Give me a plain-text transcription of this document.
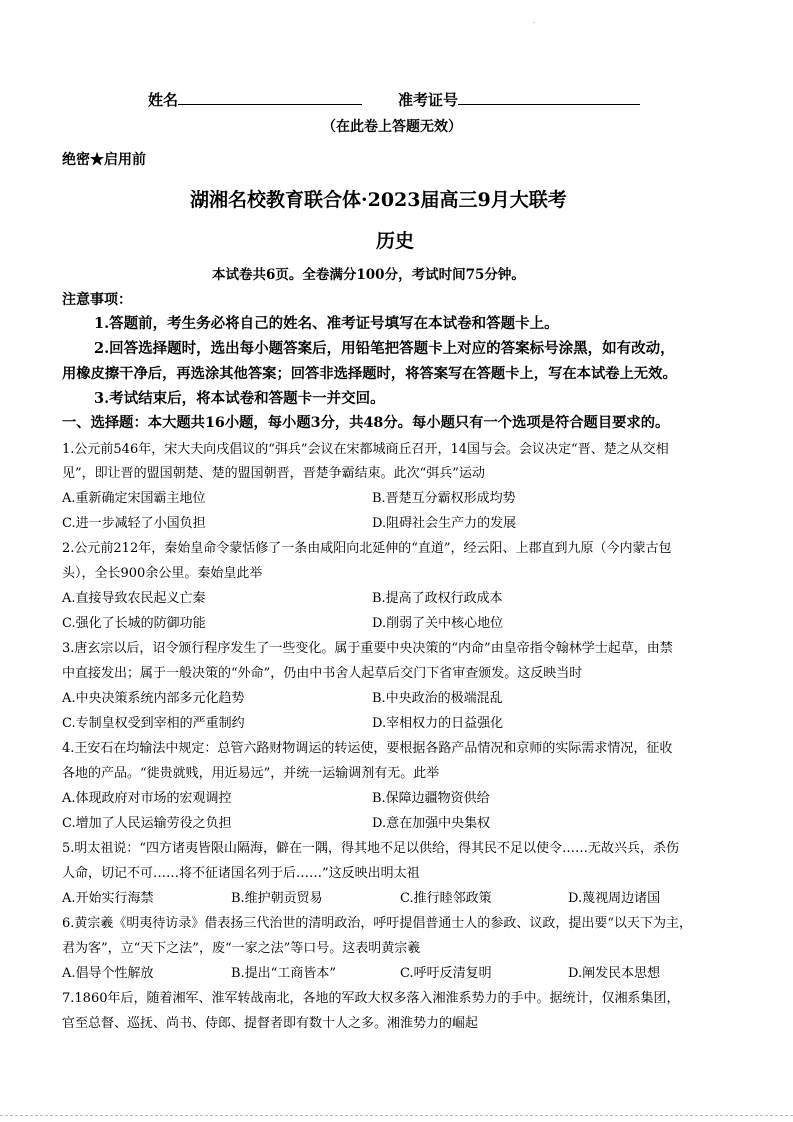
.
姓名	准考证号
（在此卷上答题无效）
绝密★启用前
湖湘名校教育联合体·2023届高三9月大联考
历史
本试卷共6页。全卷满分100分，考试时间75分钟。
注意事项：
1.答题前，考生务必将自己的姓名、准考证号填写在本试卷和答题卡上。
2.回答选择题时，选出每小题答案后，用铅笔把答题卡上对应的答案标号涂黑，如有改动，
用橡皮擦干净后，再选涂其他答案；回答非选择题时，将答案写在答题卡上，写在本试卷上无效。
3.考试结束后，将本试卷和答题卡一并交回。
一、选择题：本大题共16小题，每小题3分，共48分。每小题只有一个选项是符合题目要求的。
1.公元前546年，宋大夫向戌倡议的“弭兵”会议在宋都城商丘召开，14国与会。会议决定“晋、楚之从交相
见”，即让晋的盟国朝楚、楚的盟国朝晋，晋楚争霸结束。此次“弭兵”运动
A.重新确定宋国霸主地位	B.晋楚互分霸权形成均势
C.进一步减轻了小国负担	D.阻碍社会生产力的发展
2.公元前212年，秦始皇命令蒙恬修了一条由咸阳向北延伸的“直道”，经云阳、上郡直到九原（今内蒙古包
头），全长900余公里。秦始皇此举
A.直接导致农民起义亡秦	B.提高了政权行政成本
C.强化了长城的防御功能	D.削弱了关中核心地位
3.唐玄宗以后，诏令颁行程序发生了一些变化。属于重要中央决策的“内命”由皇帝指令翰林学士起草，由禁
中直接发出；属于一般决策的“外命”，仍由中书舍人起草后交门下省审查颁发。这反映当时
A.中央决策系统内部多元化趋势	B.中央政治的极端混乱
C.专制皇权受到宰相的严重制约	D.宰相权力的日益强化
4.王安石在均输法中规定：总管六路财物调运的转运使，要根据各路产品情况和京师的实际需求情况，征收
各地的产品。“徙贵就贱，用近易远”，并统一运输调剂有无。此举
A.体现政府对市场的宏观调控	B.保障边疆物资供给
C.增加了人民运输劳役之负担	D.意在加强中央集权
5.明太祖说：“四方诸夷皆限山隔海，僻在一隅，得其地不足以供给，得其民不足以使令……无故兴兵，杀伤
人命，切记不可……将不征诸国名列于后……”这反映出明太祖
A.开始实行海禁	B.维护朝贡贸易	C.推行睦邻政策	D.蔑视周边诸国
6.黄宗羲《明夷待访录》借表扬三代治世的清明政治，呼吁提倡普通士人的参政、议政，提出要“以天下为主，
君为客”，立“天下之法”，废“一家之法”等口号。这表明黄宗羲
A.倡导个性解放	B.提出“工商皆本”	C.呼吁反清复明	D.阐发民本思想
7.1860年后，随着湘军、淮军转战南北，各地的军政大权多落入湘淮系势力的手中。据统计，仅湘系集团，
官至总督、巡抚、尚书、侍郎、提督者即有数十人之多。湘淮势力的崛起
